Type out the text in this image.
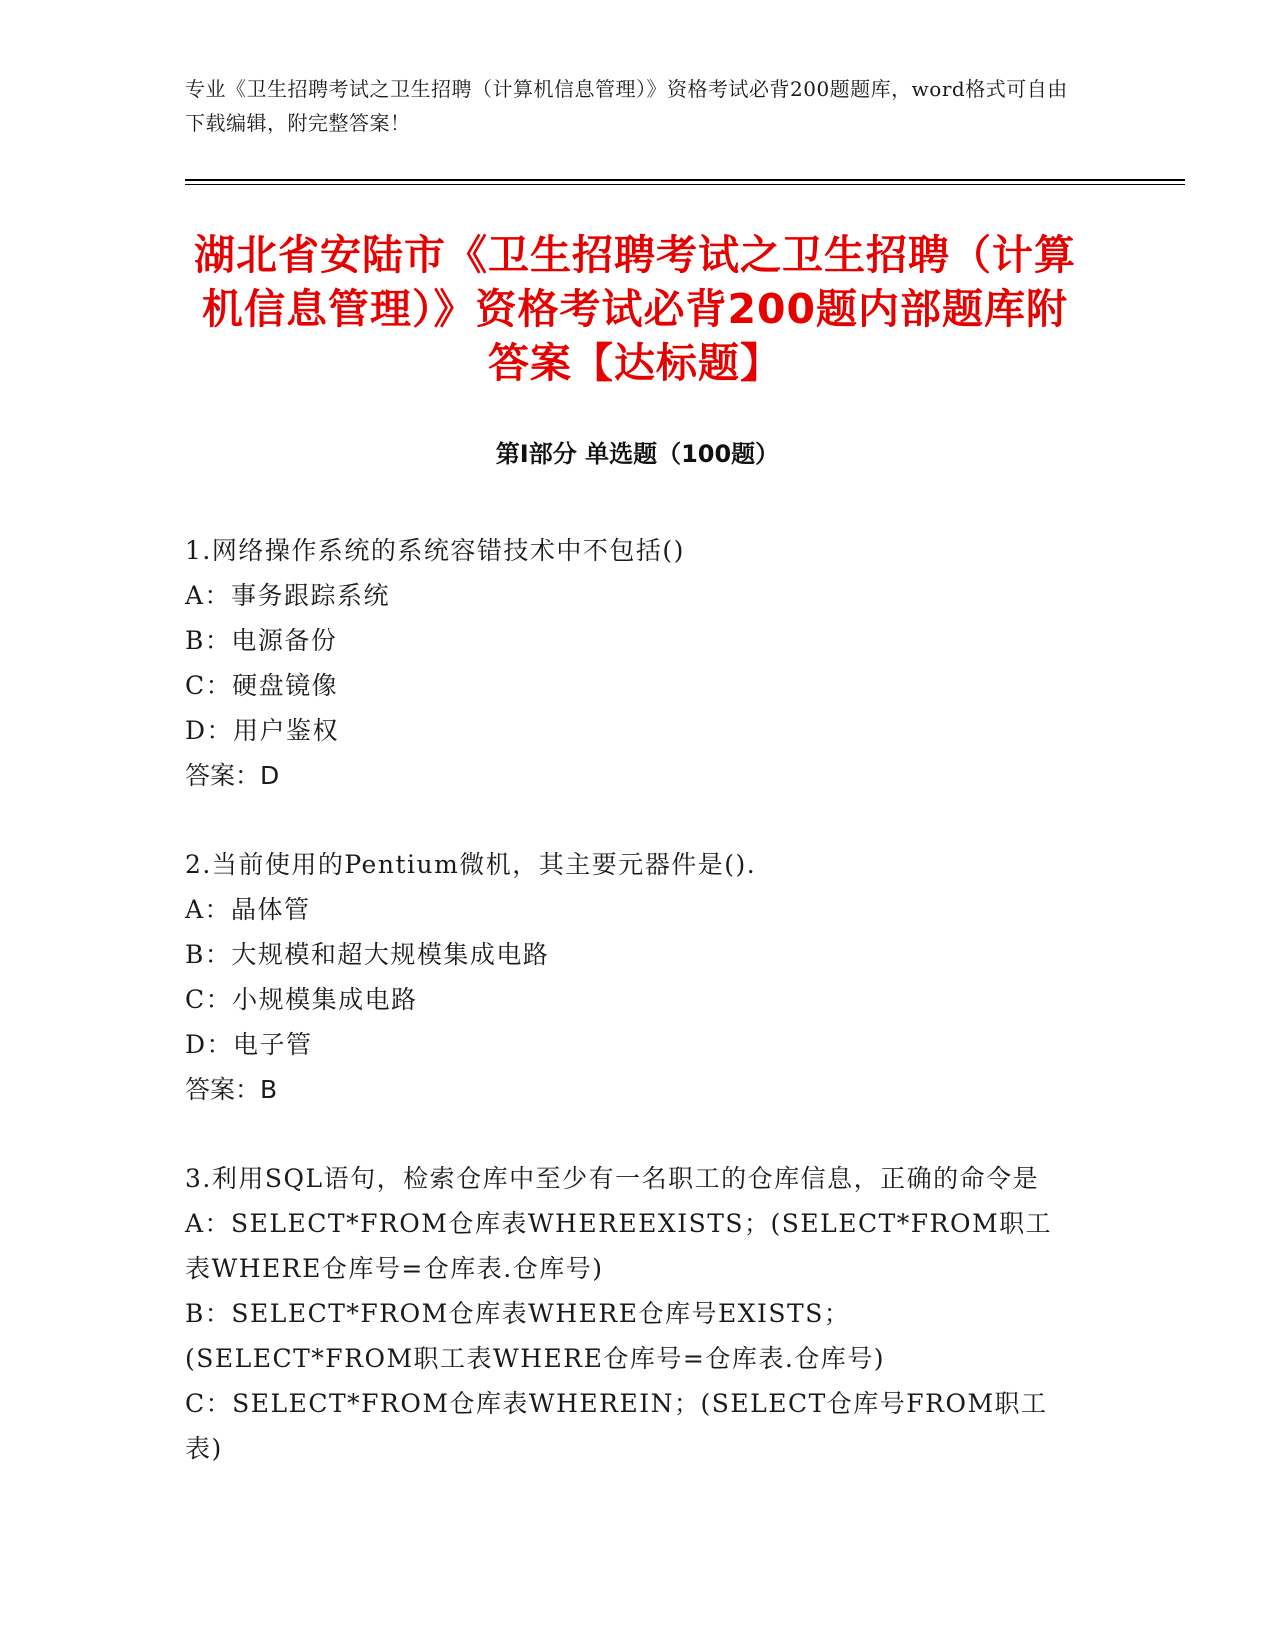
专业《卫生招聘考试之卫生招聘（计算机信息管理）》资格考试必背200题题库，word格式可自由下载编辑，附完整答案！
湖北省安陆市《卫生招聘考试之卫生招聘（计算机信息管理）》资格考试必背200题内部题库附答案【达标题】
第Ⅰ部分 单选题（100题）
1.网络操作系统的系统容错技术中不包括()
A：事务跟踪系统
B：电源备份
C：硬盘镜像
D：用户鉴权
答案：D
2.当前使用的Pentium微机，其主要元器件是().
A：晶体管
B：大规模和超大规模集成电路
C：小规模集成电路
D：电子管
答案：B
3.利用SQL语句，检索仓库中至少有一名职工的仓库信息，正确的命令是
A：SELECT*FROM仓库表WHEREEXISTS；(SELECT*FROM职工表WHERE仓库号=仓库表.仓库号)
B：SELECT*FROM仓库表WHERE仓库号EXISTS；(SELECT*FROM职工表WHERE仓库号=仓库表.仓库号)
C：SELECT*FROM仓库表WHEREIN；(SELECT仓库号FROM职工表)
